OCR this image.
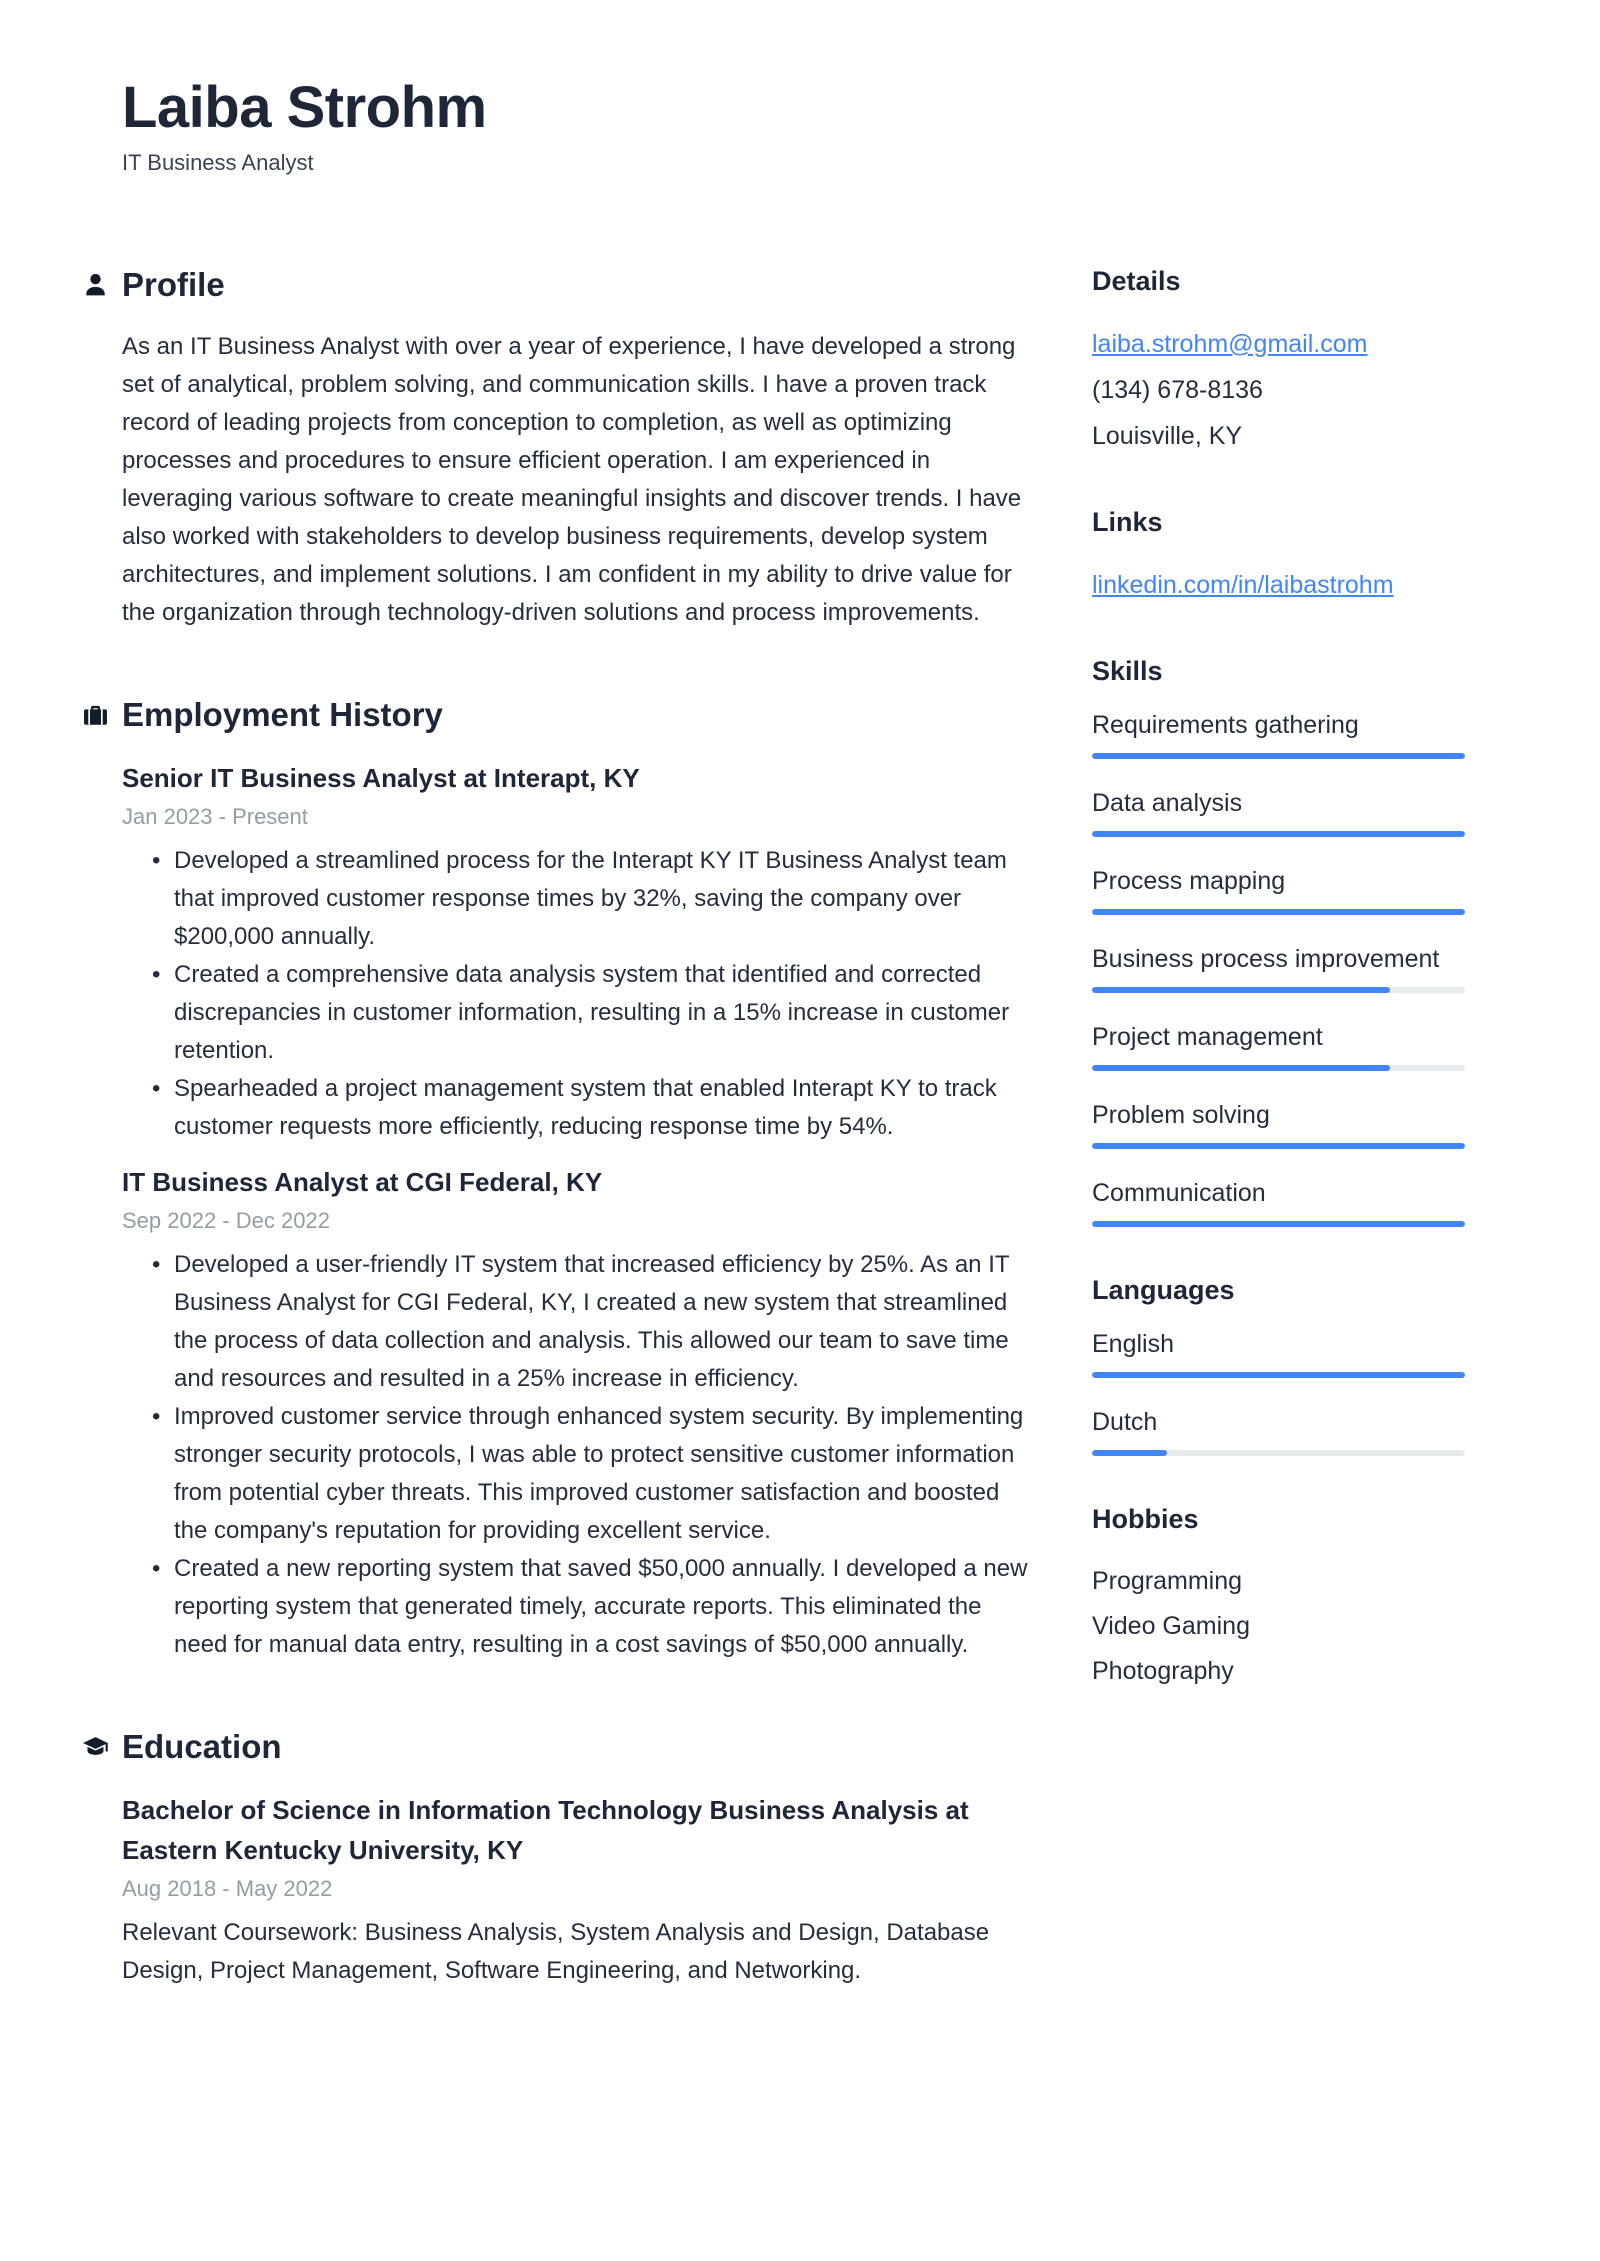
Laiba Strohm
IT Business Analyst
Profile

As an IT Business Analyst with over a year of experience, I have developed a strong set of analytical, problem solving, and communication skills. I have a proven track record of leading projects from conception to completion, as well as optimizing processes and procedures to ensure efficient operation. I am experienced in leveraging various software to create meaningful insights and discover trends. I have also worked with stakeholders to develop business requirements, develop system architectures, and implement solutions. I am confident in my ability to drive value for the organization through technology-driven solutions and process improvements.

Employment History
Senior IT Business Analyst at Interapt, KY
Jan 2023 - Present
• Developed a streamlined process for the Interapt KY IT Business Analyst team that improved customer response times by 32%, saving the company over $200,000 annually.
• Created a comprehensive data analysis system that identified and corrected discrepancies in customer information, resulting in a 15% increase in customer retention.
• Spearheaded a project management system that enabled Interapt KY to track customer requests more efficiently, reducing response time by 54%.
IT Business Analyst at CGI Federal, KY
Sep 2022 - Dec 2022
• Developed a user-friendly IT system that increased efficiency by 25%. As an IT Business Analyst for CGI Federal, KY, I created a new system that streamlined the process of data collection and analysis. This allowed our team to save time and resources and resulted in a 25% increase in efficiency.
• Improved customer service through enhanced system security. By implementing stronger security protocols, I was able to protect sensitive customer information from potential cyber threats. This improved customer satisfaction and boosted the company's reputation for providing excellent service.
• Created a new reporting system that saved $50,000 annually. I developed a new reporting system that generated timely, accurate reports. This eliminated the need for manual data entry, resulting in a cost savings of $50,000 annually.
Education
Bachelor of Science in Information Technology Business Analysis at Eastern Kentucky University, KY
Aug 2018 - May 2022

Relevant Coursework: Business Analysis, System Analysis and Design, Database Design, Project Management, Software Engineering, and Networking.

Details
laiba.strohm@gmail.com
(134) 678-8136
Louisville, KY
Links
linkedin.com/in/laibastrohm
Skills
Requirements gathering
Data analysis
Process mapping
Business process improvement
Project management
Problem solving
Communication
Languages
English
Dutch
Hobbies
Programming
Video Gaming
Photography
